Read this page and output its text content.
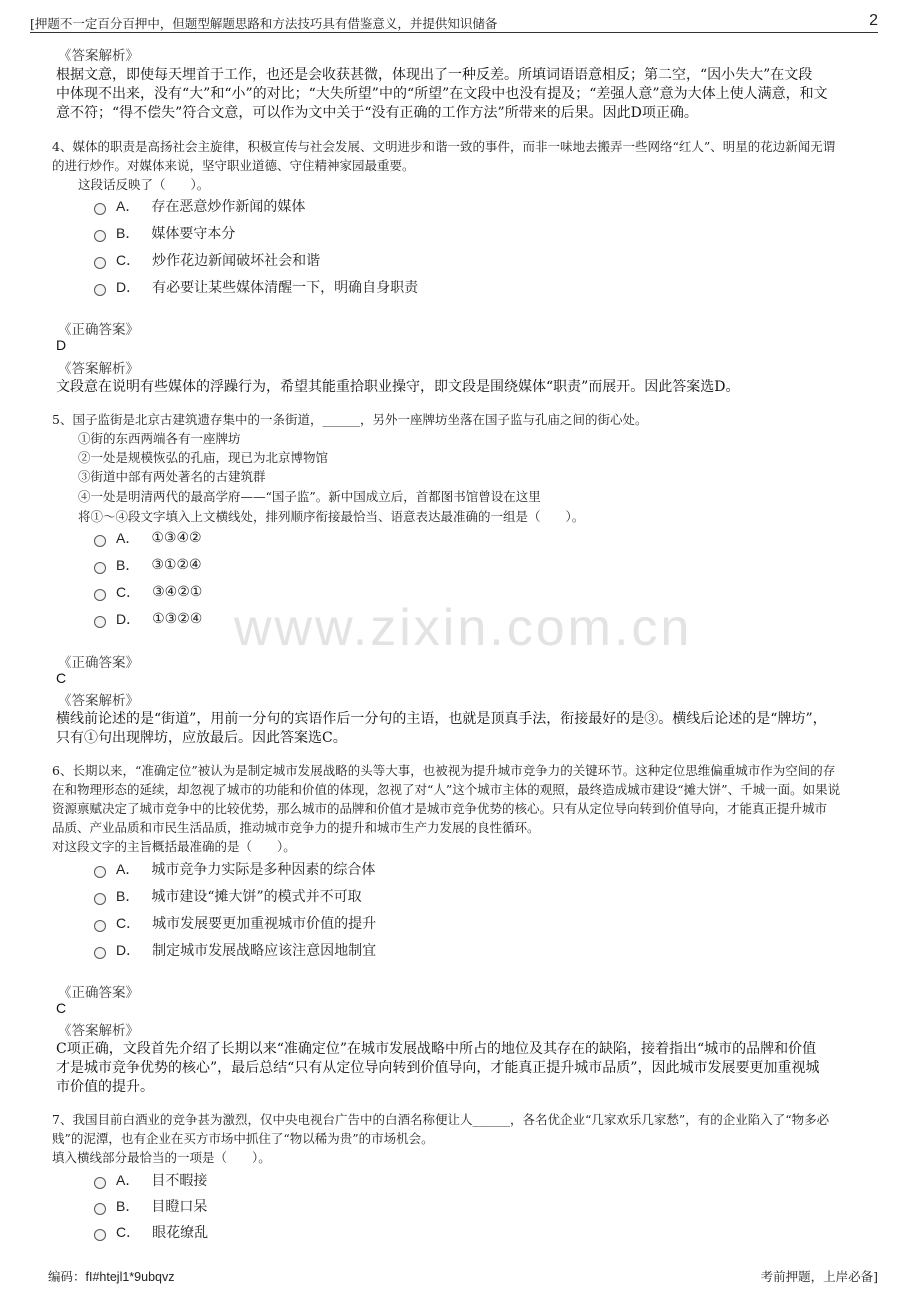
[押题不一定百分百押中，但题型解题思路和方法技巧具有借鉴意义，并提供知识储备	2
www.zixin.com.cn
《答案解析》
根据文意，即使每天埋首于工作，也还是会收获甚微，体现出了一种反差。所填词语语意相反；第二空，“因小失大”在文段
中体现不出来，没有“大”和“小”的对比；“大失所望”中的“所望”在文段中也没有提及；“差强人意”意为大体上使人满意，和文
意不符；“得不偿失”符合文意，可以作为文中关于“没有正确的工作方法”所带来的后果。因此D项正确。
4、媒体的职责是高扬社会主旋律，积极宣传与社会发展、文明进步和谐一致的事件，而非一味地去搬弄一些网络“红人”、明星的花边新闻无谓
的进行炒作。对媒体来说，坚守职业道德、守住精神家园最重要。
这段话反映了（　　）。
A． 存在恶意炒作新闻的媒体
B． 媒体要守本分
C． 炒作花边新闻破坏社会和谐
D． 有必要让某些媒体清醒一下，明确自身职责
《正确答案》
D
《答案解析》
文段意在说明有些媒体的浮躁行为，希望其能重拾职业操守，即文段是围绕媒体“职责”而展开。因此答案选D。
5、国子监街是北京古建筑遗存集中的一条街道，______，另外一座牌坊坐落在国子监与孔庙之间的街心处。
①街的东西两端各有一座牌坊
②一处是规模恢弘的孔庙，现已为北京博物馆
③街道中部有两处著名的古建筑群
④一处是明清两代的最高学府——“国子监”。新中国成立后，首都图书馆曾设在这里
将①～④段文字填入上文横线处，排列顺序衔接最恰当、语意表达最准确的一组是（　　）。
A． ①③④②
B． ③①②④
C． ③④②①
D． ①③②④
《正确答案》
C
《答案解析》
横线前论述的是“街道”，用前一分句的宾语作后一分句的主语，也就是顶真手法，衔接最好的是③。横线后论述的是“牌坊”，
只有①句出现牌坊，应放最后。因此答案选C。
6、长期以来，“准确定位”被认为是制定城市发展战略的头等大事，也被视为提升城市竞争力的关键环节。这种定位思维偏重城市作为空间的存
在和物理形态的延续，却忽视了城市的功能和价值的体现，忽视了对“人”这个城市主体的观照，最终造成城市建设“摊大饼”、千城一面。如果说
资源禀赋决定了城市竞争中的比较优势，那么城市的品牌和价值才是城市竞争优势的核心。只有从定位导向转到价值导向，才能真正提升城市
品质、产业品质和市民生活品质，推动城市竞争力的提升和城市生产力发展的良性循环。
对这段文字的主旨概括最准确的是（　　）。
A． 城市竞争力实际是多种因素的综合体
B． 城市建设“摊大饼”的模式并不可取
C． 城市发展要更加重视城市价值的提升
D． 制定城市发展战略应该注意因地制宜
《正确答案》
C
《答案解析》
C项正确，文段首先介绍了长期以来“准确定位”在城市发展战略中所占的地位及其存在的缺陷，接着指出“城市的品牌和价值
才是城市竞争优势的核心”，最后总结“只有从定位导向转到价值导向，才能真正提升城市品质”，因此城市发展要更加重视城
市价值的提升。
7、我国目前白酒业的竞争甚为激烈，仅中央电视台广告中的白酒名称便让人______，各名优企业“几家欢乐几家愁”，有的企业陷入了“物多必
贱”的泥潭，也有企业在买方市场中抓住了“物以稀为贵”的市场机会。
填入横线部分最恰当的一项是（　　）。
A． 目不暇接
B． 目瞪口呆
C． 眼花缭乱
编码：fI#htejl1*9ubqvz	考前押题，上岸必备]
